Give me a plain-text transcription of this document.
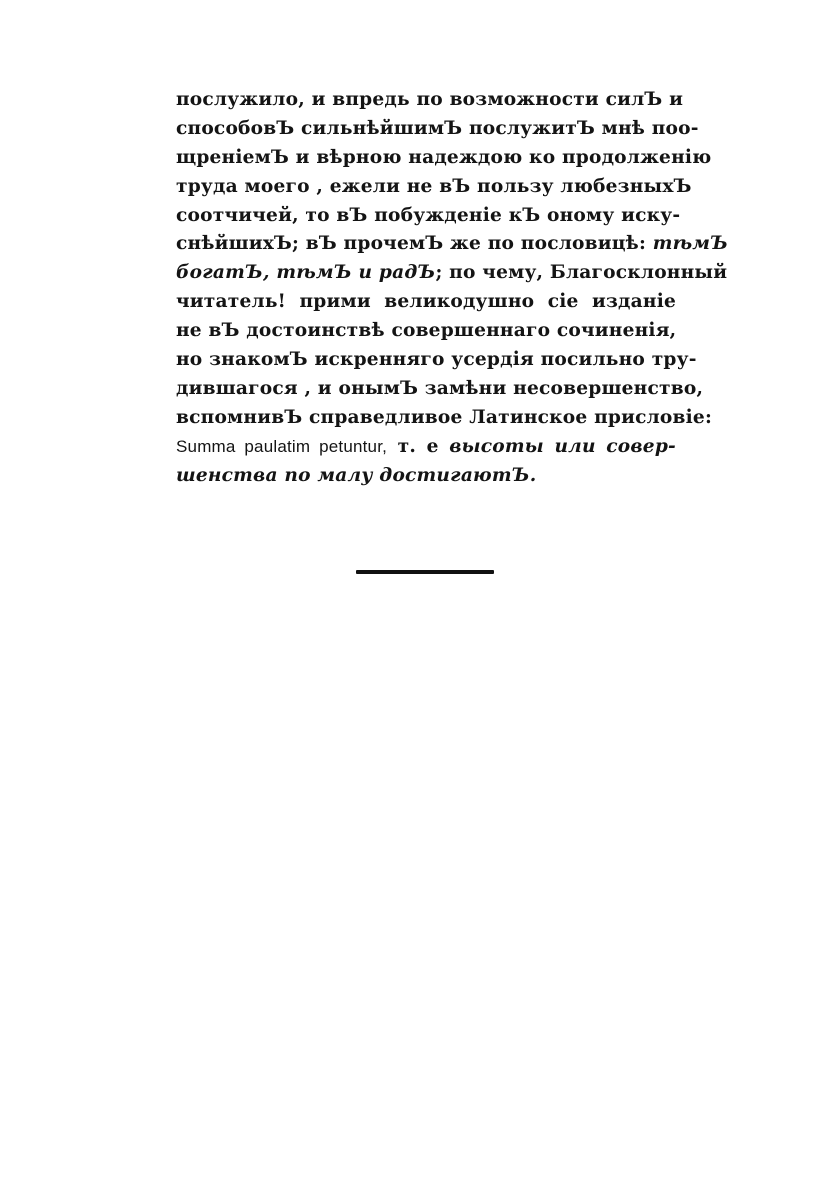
послужило, и впредь по возможности силЪ и
способовЪ сильнѣйшимЪ послужитЪ мнѣ поо-
щреніемЪ и вѣрною надеждою ко продолженію
труда моего , ежели не вЪ пользу любезныхЪ
соотчичей, то вЪ побужденіе кЪ оному иску-
снѣйшихЪ; вЪ прочемЪ же по пословицѣ: тѣмЪ
богатЪ, тѣмЪ и радЪ; по чему, Благосклонный
читатель! прими великодушно сіе изданіе
не вЪ достоинствѣ совершеннаго сочиненія,
но знакомЪ искренняго усердія посильно тру-
дившагося , и онымЪ замѣни несовершенство,
вспомнивЪ справедливое Латинское присловіе:
Summa paulatim petuntur, т. е высоты или совер-
шенства по малу достигаютЪ.
